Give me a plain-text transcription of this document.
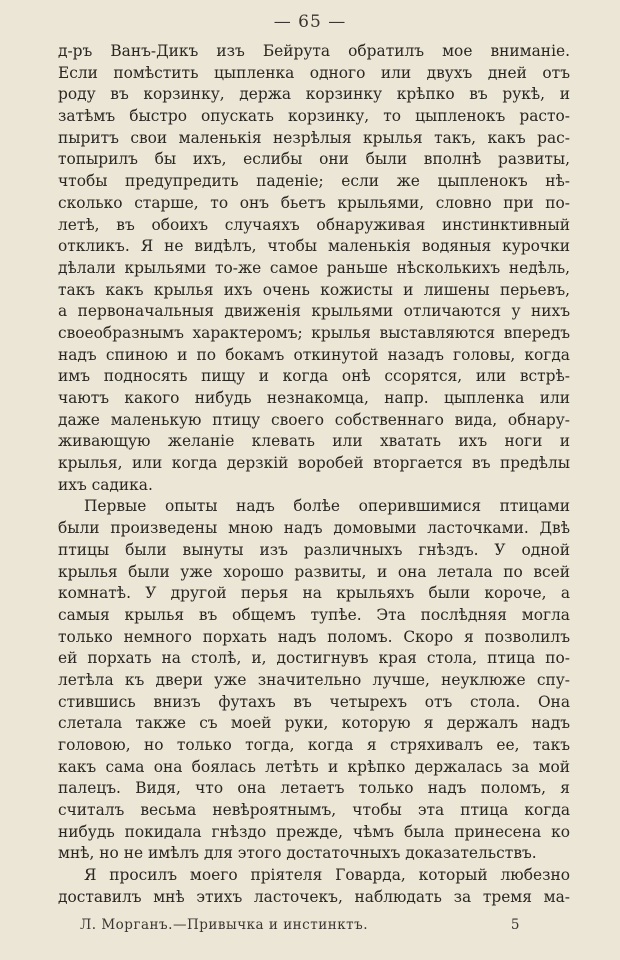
— 65 —
д-ръ Ванъ-Дикъ изъ Бейрута обратилъ мое вниманіе.
Если помѣстить цыпленка одного или двухъ дней отъ
роду въ корзинку, держа корзинку крѣпко въ рукѣ, и
затѣмъ быстро опускать корзинку, то цыпленокъ расто-
пыритъ свои маленькія незрѣлыя крылья такъ, какъ рас-
топырилъ бы ихъ, еслибы они были вполнѣ развиты,
чтобы предупредить паденіе; если же цыпленокъ нѣ-
сколько старше, то онъ бьетъ крыльями, словно при по-
летѣ, въ обоихъ случаяхъ обнаруживая инстинктивный
откликъ. Я не видѣлъ, чтобы маленькія водяныя курочки
дѣлали крыльями то-же самое раньше нѣсколькихъ недѣль,
такъ какъ крылья ихъ очень кожисты и лишены перьевъ,
а первоначальныя движенія крыльями отличаются у нихъ
своеобразнымъ характеромъ; крылья выставляются впередъ
надъ спиною и по бокамъ откинутой назадъ головы, когда
имъ подносять пищу и когда онѣ ссорятся, или встрѣ-
чаютъ какого нибудь незнакомца, напр. цыпленка или
даже маленькую птицу своего собственнаго вида, обнару-
живающую желаніе клевать или хватать ихъ ноги и
крылья, или когда дерзкій воробей вторгается въ предѣлы
ихъ садика.
Первые опыты надъ болѣе оперившимися птицами
были произведены мною надъ домовыми ласточками. Двѣ
птицы были вынуты изъ различныхъ гнѣздъ. У одной
крылья были уже хорошо развиты, и она летала по всей
комнатѣ. У другой перья на крыльяхъ были короче, а
самыя крылья въ общемъ тупѣе. Эта послѣдняя могла
только немного порхать надъ поломъ. Скоро я позволилъ
ей порхать на столѣ, и, достигнувъ края стола, птица по-
летѣла къ двери уже значительно лучше, неуклюже спу-
стившись внизъ футахъ въ четырехъ отъ стола. Она
слетала также съ моей руки, которую я держалъ надъ
головою, но только тогда, когда я стряхивалъ ее, такъ
какъ сама она боялась летѣть и крѣпко держалась за мой
палецъ. Видя, что она летаетъ только надъ поломъ, я
считалъ весьма невѣроятнымъ, чтобы эта птица когда
нибудь покидала гнѣздо прежде, чѣмъ была принесена ко
мнѣ, но не имѣлъ для этого достаточныхъ доказательствъ.
Я просилъ моего пріятеля Говарда, который любезно
доставилъ мнѣ этихъ ласточекъ, наблюдать за тремя ма-
Л. Морганъ.—Привычка и инстинктъ.	5
